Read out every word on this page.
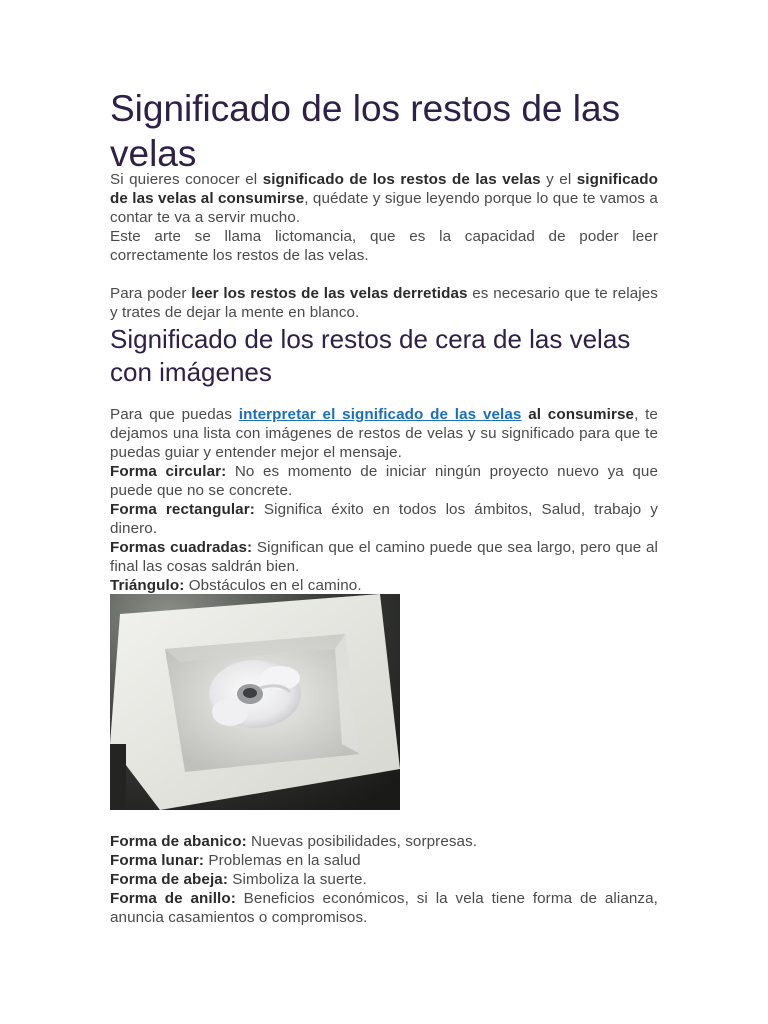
Significado de los restos de las velas

Si quieres conocer el significado de los restos de las velas y el significado de las velas al consumirse, quédate y sigue leyendo porque lo que te vamos a contar te va a servir mucho.

Este arte se llama lictomancia, que es la capacidad de poder leer correctamente los restos de las velas.

Para poder leer los restos de las velas derretidas es necesario que te relajes y trates de dejar la mente en blanco.

Significado de los restos de cera de las velas con imágenes

Para que puedas interpretar el significado de las velas al consumirse, te dejamos una lista con imágenes de restos de velas y su significado para que te puedas guiar y entender mejor el mensaje.

Forma circular: No es momento de iniciar ningún proyecto nuevo ya que puede que no se concrete.

Forma rectangular: Significa éxito en todos los ámbitos, Salud, trabajo y dinero.

Formas cuadradas: Significan que el camino puede que sea largo, pero que al final las cosas saldrán bien.

Triángulo: Obstáculos en el camino.

Forma de abanico: Nuevas posibilidades, sorpresas.

Forma lunar: Problemas en la salud

Forma de abeja: Simboliza la suerte.

Forma de anillo: Beneficios económicos, si la vela tiene forma de alianza, anuncia casamientos o compromisos.
